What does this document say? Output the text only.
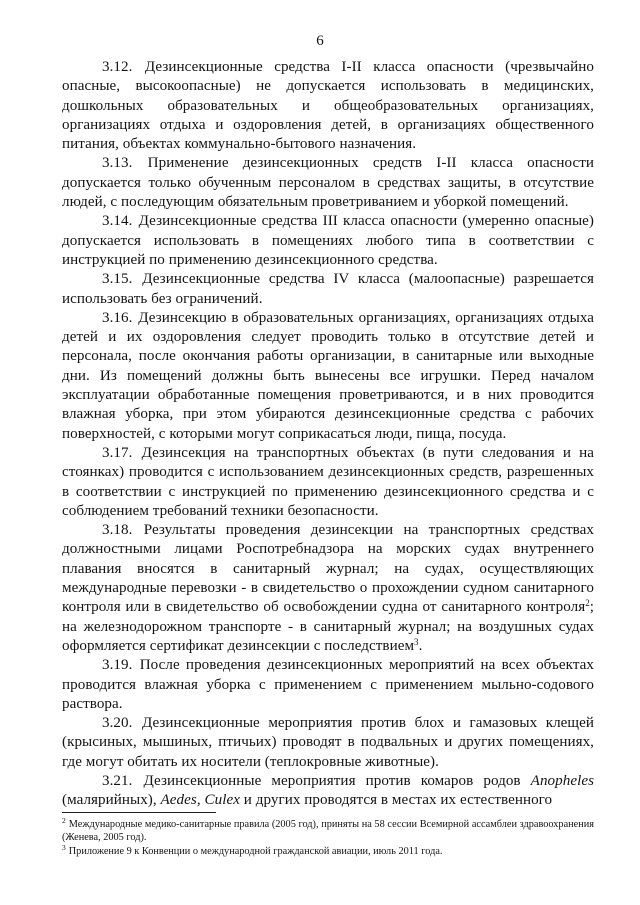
6

3.12. Дезинсекционные средства I-II класса опасности (чрезвычайно опасные, высокоопасные) не допускается использовать в медицинских, дошкольных образовательных и общеобразовательных организациях, организациях отдыха и оздоровления детей, в организациях общественного питания, объектах коммунально-бытового назначения.

3.13. Применение дезинсекционных средств I-II класса опасности допускается только обученным персоналом в средствах защиты, в отсутствие людей, с последующим обязательным проветриванием и уборкой помещений.

3.14. Дезинсекционные средства III класса опасности (умеренно опасные) допускается использовать в помещениях любого типа в соответствии с инструкцией по применению дезинсекционного средства.

3.15. Дезинсекционные средства IV класса (малоопасные) разрешается использовать без ограничений.

3.16. Дезинсекцию в образовательных организациях, организациях отдыха детей и их оздоровления следует проводить только в отсутствие детей и персонала, после окончания работы организации, в санитарные или выходные дни. Из помещений должны быть вынесены все игрушки. Перед началом эксплуатации обработанные помещения проветриваются, и в них проводится влажная уборка, при этом убираются дезинсекционные средства с рабочих поверхностей, с которыми могут соприкасаться люди, пища, посуда.

3.17. Дезинсекция на транспортных объектах (в пути следования и на стоянках) проводится с использованием дезинсекционных средств, разрешенных в соответствии с инструкцией по применению дезинсекционного средства и с соблюдением требований техники безопасности.

3.18. Результаты проведения дезинсекции на транспортных средствах должностными лицами Роспотребнадзора на морских судах внутреннего плавания вносятся в санитарный журнал; на судах, осуществляющих международные перевозки - в свидетельство о прохождении судном санитарного контроля или в свидетельство об освобождении судна от санитарного контроля$^2$; на железнодорожном транспорте - в санитарный журнал; на воздушных судах оформляется сертификат дезинсекции с последствием$^3$.

3.19. После проведения дезинсекционных мероприятий на всех объектах проводится влажная уборка с применением с применением мыльно-содового раствора.

3.20. Дезинсекционные мероприятия против блох и гамазовых клещей (крысиных, мышиных, птичьих) проводят в подвальных и других помещениях, где могут обитать их носители (теплокровные животные).

3.21. Дезинсекционные мероприятия против комаров родов Anopheles (малярийных), Aedes, Culex и других проводятся в местах их естественного

$^2$ Международные медико-санитарные правила (2005 год), приняты на 58 сессии Всемирной ассамблеи здравоохранения (Женева, 2005 год).

$^3$ Приложение 9 к Конвенции о международной гражданской авиации, июль 2011 года.
